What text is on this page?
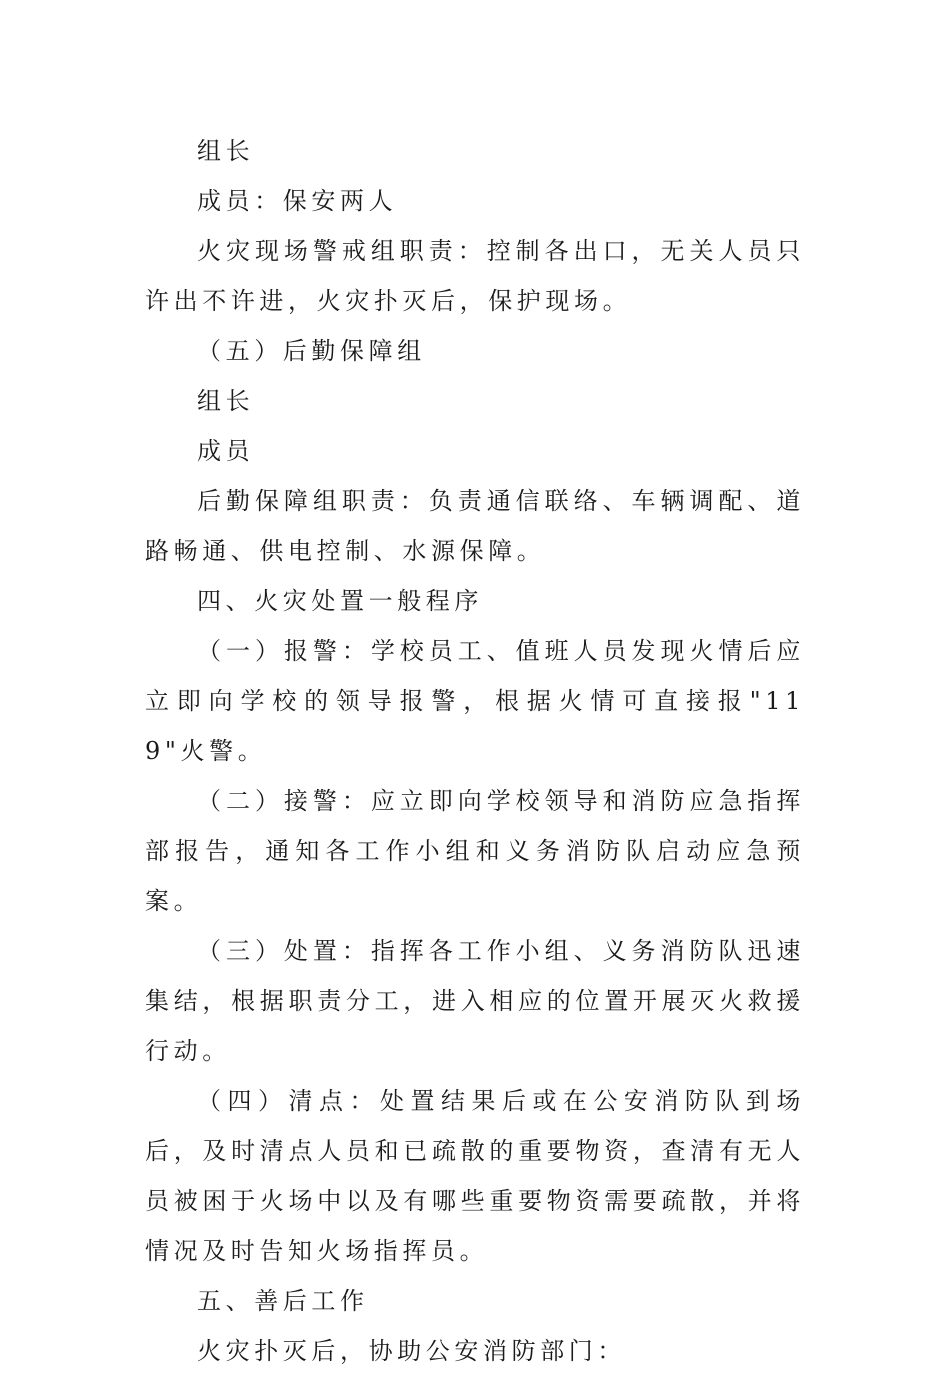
组长

成员：保安两人

火灾现场警戒组职责：控制各出口，无关人员只许出不许进，火灾扑灭后，保护现场。

（五）后勤保障组

组长

成员

后勤保障组职责：负责通信联络、车辆调配、道路畅通、供电控制、水源保障。

四、火灾处置一般程序

（一）报警：学校员工、值班人员发现火情后应立即向学校的领导报警，根据火情可直接报"119"火警。

（二）接警：应立即向学校领导和消防应急指挥部报告，通知各工作小组和义务消防队启动应急预案。

（三）处置：指挥各工作小组、义务消防队迅速集结，根据职责分工，进入相应的位置开展灭火救援行动。

（四）清点：处置结果后或在公安消防队到场后，及时清点人员和已疏散的重要物资，查清有无人员被困于火场中以及有哪些重要物资需要疏散，并将情况及时告知火场指挥员。

五、善后工作

火灾扑灭后，协助公安消防部门：
